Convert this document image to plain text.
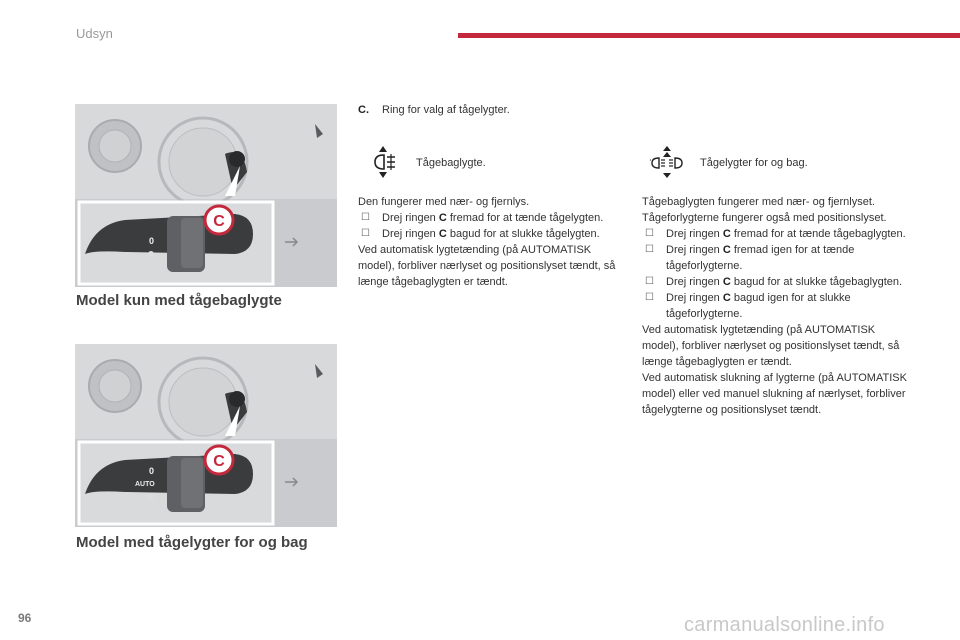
Udsyn
0
C
Model kun med tågebaglygte
0
AUTO
C
Model med tågelygter for og bag
C. Ring for valg af tågelygter.
Tågebaglygte.	Tågelygter for og bag.

Den fungerer med nær- og fjernlys.

☐ Drej ringen C fremad for at tænde tågelygten.

☐ Drej ringen C bagud for at slukke tågelygten.

Ved automatisk lygtetænding (på AUTOMATISK model), forbliver nærlyset og positionslyset tændt, så længe tågebaglygten er tændt.

Tågebaglygten fungerer med nær- og fjernlyset. Tågeforlygterne fungerer også med positionslyset.

☐ Drej ringen C fremad for at tænde tågebaglygten.

☐ Drej ringen C fremad igen for at tænde tågeforlygterne.

☐ Drej ringen C bagud for at slukke tågebaglygten.

☐ Drej ringen C bagud igen for at slukke tågeforlygterne.

Ved automatisk lygtetænding (på AUTOMATISK model), forbliver nærlyset og positionslyset tændt, så længe tågebaglygten er tændt.

Ved automatisk slukning af lygterne (på AUTOMATISK model) eller ved manuel slukning af nærlyset, forbliver tågelygterne og positionslyset tændt.

96	carmanualsonline.info
